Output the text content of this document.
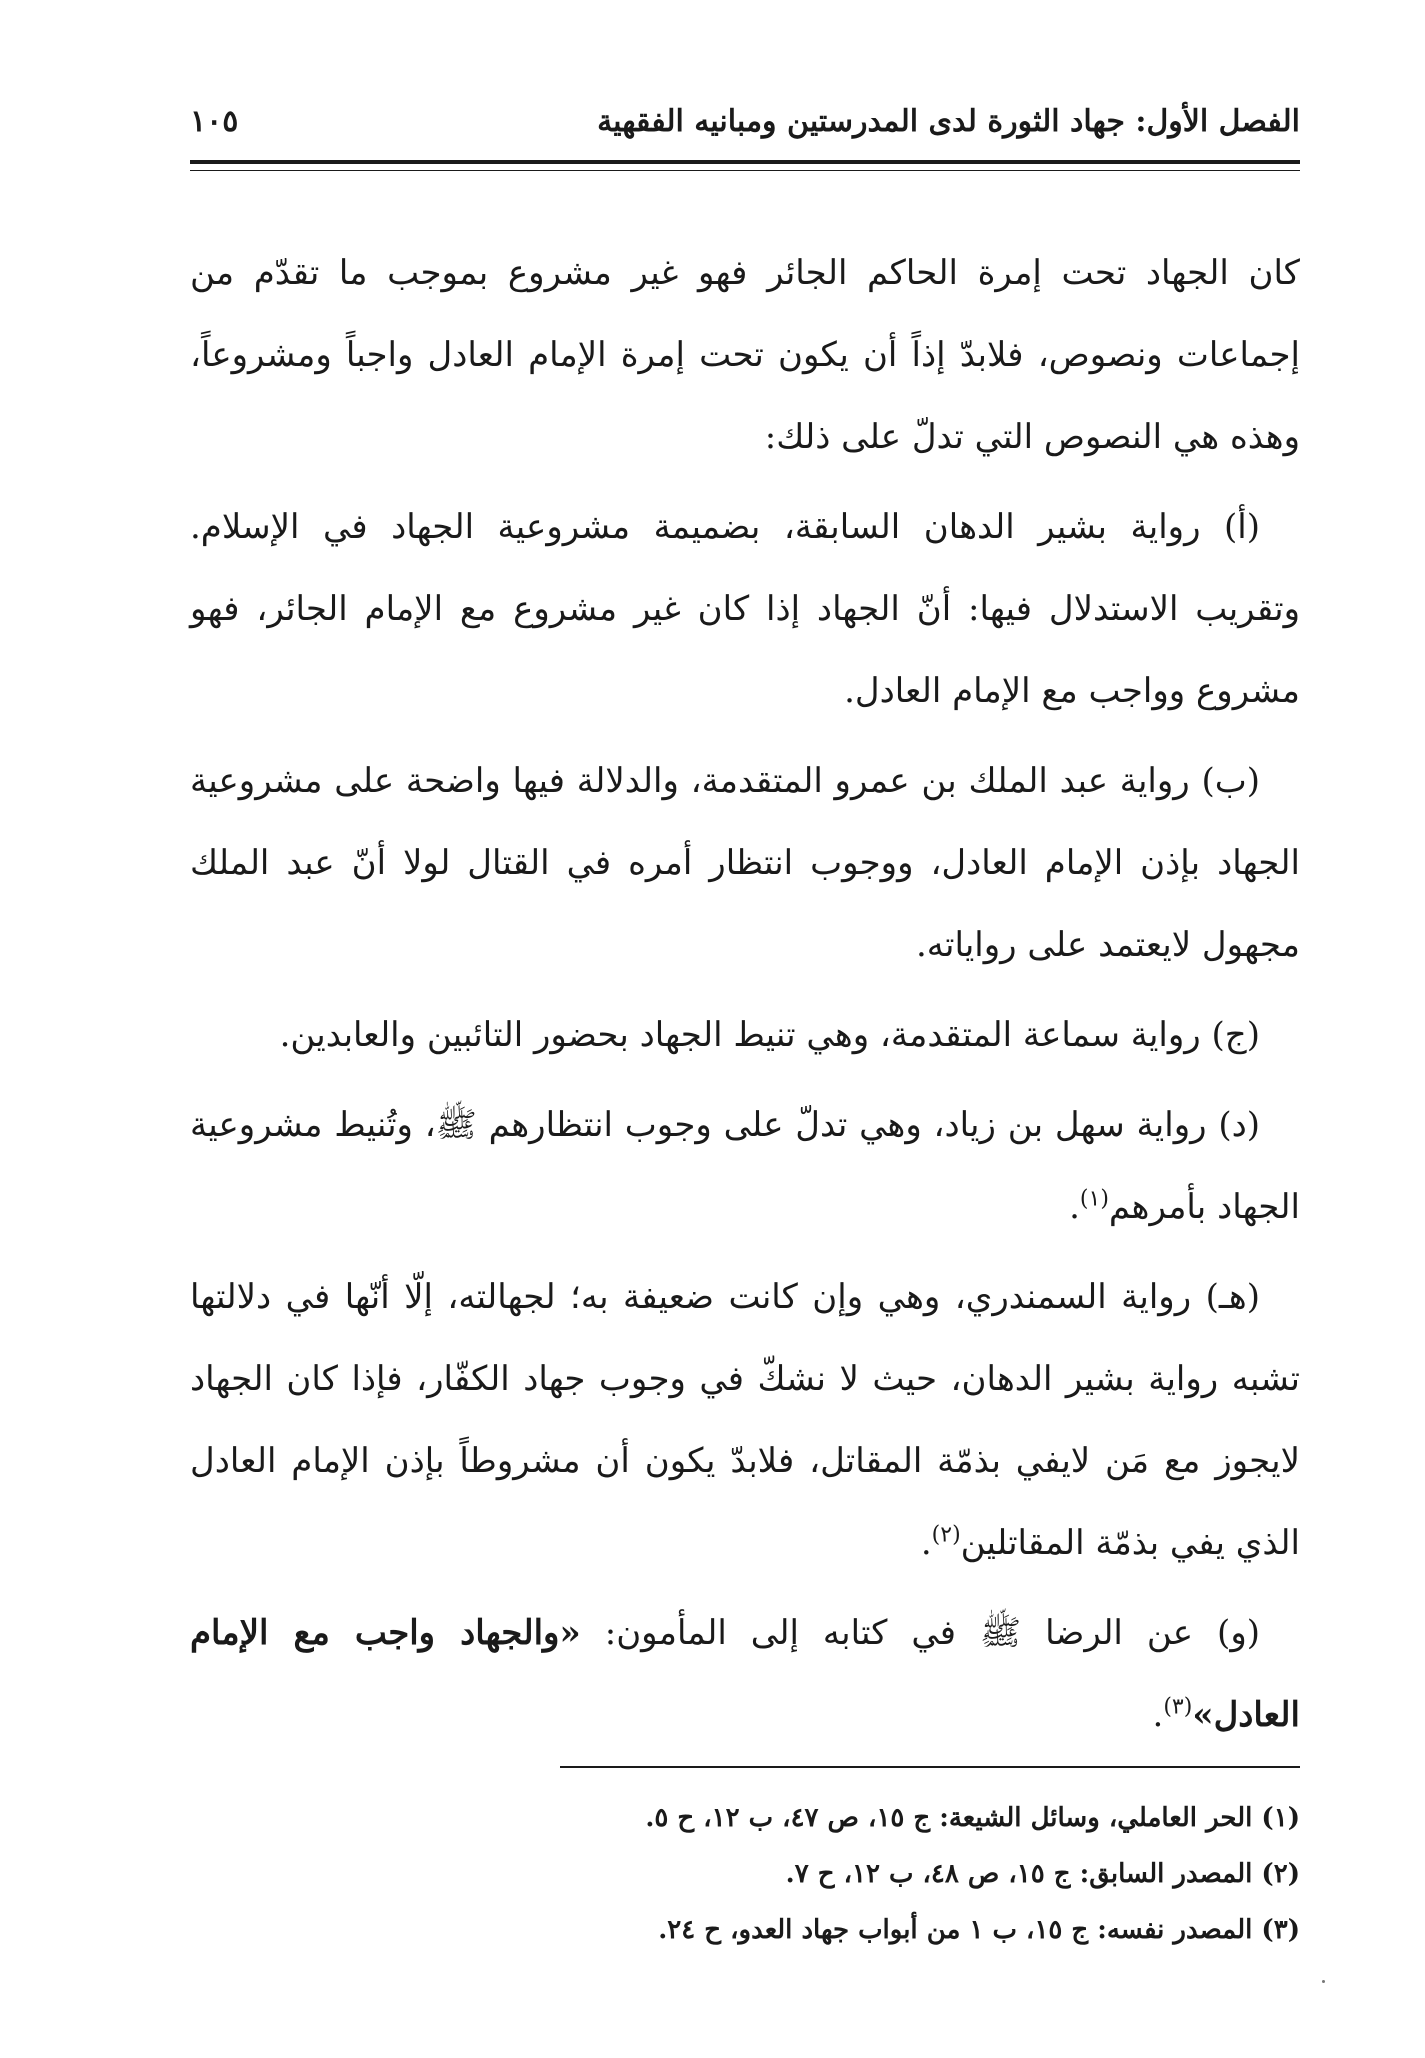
الفصل الأول: جهاد الثورة لدى المدرستين ومبانيه الفقهية
١٠٥

كان الجهاد تحت إمرة الحاكم الجائر فهو غير مشروع بموجب ما تقدّم من إجماعات ونصوص، فلابدّ إذاً أن يكون تحت إمرة الإمام العادل واجباً ومشروعاً، وهذه هي النصوص التي تدلّ على ذلك:

(أ) رواية بشير الدهان السابقة، بضميمة مشروعية الجهاد في الإسلام. وتقريب الاستدلال فيها: أنّ الجهاد إذا كان غير مشروع مع الإمام الجائر، فهو مشروع وواجب مع الإمام العادل.

(ب) رواية عبد الملك بن عمرو المتقدمة، والدلالة فيها واضحة على مشروعية الجهاد بإذن الإمام العادل، ووجوب انتظار أمره في القتال لولا أنّ عبد الملك مجهول لايعتمد على رواياته.

(ج) رواية سماعة المتقدمة، وهي تنيط الجهاد بحضور التائبين والعابدين.

(د) رواية سهل بن زياد، وهي تدلّ على وجوب انتظارهم ﷺ، وتُنيط مشروعية الجهاد بأمرهم$^{(١)}$.

(هـ) رواية السمندري، وهي وإن كانت ضعيفة به؛ لجهالته، إلّا أنّها في دلالتها تشبه رواية بشير الدهان، حيث لا نشكّ في وجوب جهاد الكفّار، فإذا كان الجهاد لايجوز مع مَن لايفي بذمّة المقاتل، فلابدّ يكون أن مشروطاً بإذن الإمام العادل الذي يفي بذمّة المقاتلين$^{(٢)}$.

(و) عن الرضا ﷺ في كتابه إلى المأمون: «والجهاد واجب مع الإمام العادل»$^{(٣)}$.

(١) الحر العاملي، وسائل الشيعة: ج ١٥، ص ٤٧، ب ١٢، ح ٥.

(٢) المصدر السابق: ج ١٥، ص ٤٨، ب ١٢، ح ٧.

(٣) المصدر نفسه: ج ١٥، ب ١ من أبواب جهاد العدو، ح ٢٤.
